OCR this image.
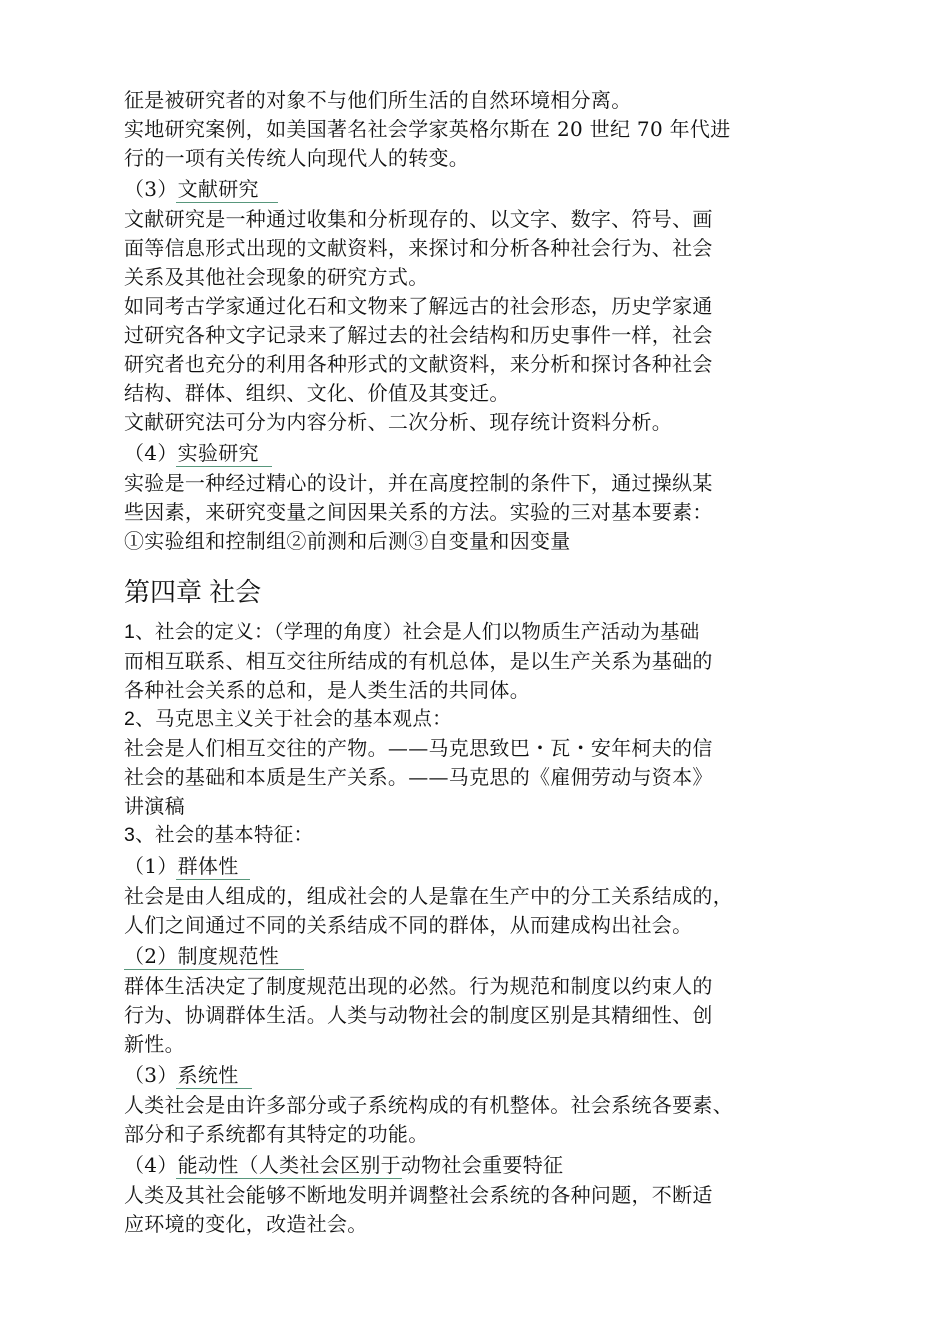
征是被研究者的对象不与他们所生活的自然环境相分离。
实地研究案例，如美国著名社会学家英格尔斯在 20 世纪 70 年代进
行的一项有关传统人向现代人的转变。
（3）文献研究
文献研究是一种通过收集和分析现存的、以文字、数字、符号、画
面等信息形式出现的文献资料，来探讨和分析各种社会行为、社会
关系及其他社会现象的研究方式。
如同考古学家通过化石和文物来了解远古的社会形态，历史学家通
过研究各种文字记录来了解过去的社会结构和历史事件一样，社会
研究者也充分的利用各种形式的文献资料，来分析和探讨各种社会
结构、群体、组织、文化、价值及其变迁。
文献研究法可分为内容分析、二次分析、现存统计资料分析。
（4）实验研究
实验是一种经过精心的设计，并在高度控制的条件下，通过操纵某
些因素，来研究变量之间因果关系的方法。实验的三对基本要素：
①实验组和控制组②前测和后测③自变量和因变量
第四章 社会
1、社会的定义：（学理的角度）社会是人们以物质生产活动为基础
而相互联系、相互交往所结成的有机总体，是以生产关系为基础的
各种社会关系的总和，是人类生活的共同体。
2、马克思主义关于社会的基本观点：
社会是人们相互交往的产物。——马克思致巴・瓦・安年柯夫的信
社会的基础和本质是生产关系。——马克思的《雇佣劳动与资本》
讲演稿
3、社会的基本特征：
（1）群体性
社会是由人组成的，组成社会的人是靠在生产中的分工关系结成的，
人们之间通过不同的关系结成不同的群体，从而建成构出社会。
（2）制度规范性
群体生活决定了制度规范出现的必然。行为规范和制度以约束人的
行为、协调群体生活。人类与动物社会的制度区别是其精细性、创
新性。
（3）系统性
人类社会是由许多部分或子系统构成的有机整体。社会系统各要素、
部分和子系统都有其特定的功能。
（4）能动性（人类社会区别于动物社会重要特征
人类及其社会能够不断地发明并调整社会系统的各种问题，不断适
应环境的变化，改造社会。
